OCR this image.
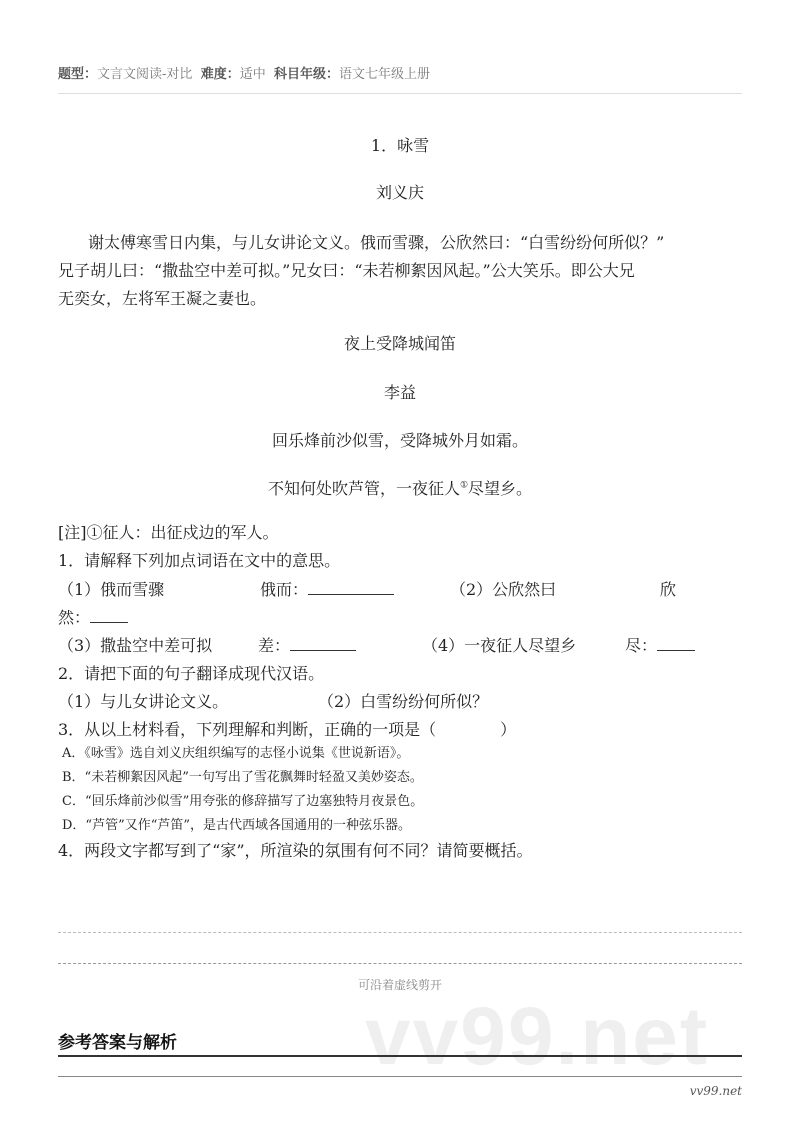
题型：文言文阅读-对比 难度：适中 科目年级：语文七年级上册
1．咏雪
刘义庆
谢太傅寒雪日内集，与儿女讲论文义。俄而雪骤，公欣然曰：“白雪纷纷何所似？”
兄子胡儿曰：“撒盐空中差可拟。”兄女曰：“未若柳絮因风起。”公大笑乐。即公大兄
无奕女，左将军王凝之妻也。
夜上受降城闻笛
李益
回乐烽前沙似雪，受降城外月如霜。
不知何处吹芦管，一夜征人①尽望乡。
[注]①征人：出征戍边的军人。
1．请解释下列加点词语在文中的意思。
（1）俄而雪骤	俄而：	（2）公欣然曰	欣
然：
（3）撒盐空中差可拟	差：	（4）一夜征人尽望乡	尽：
2．请把下面的句子翻译成现代汉语。
（1）与儿女讲论文义。	（2）白雪纷纷何所似？
3．从以上材料看，下列理解和判断，正确的一项是（　　　　）
A．《咏雪》选自刘义庆组织编写的志怪小说集《世说新语》。
B．“未若柳絮因风起”一句写出了雪花飘舞时轻盈又美妙姿态。
C．“回乐烽前沙似雪”用夸张的修辞描写了边塞独特月夜景色。
D．“芦管”又作“芦笛”，是古代西域各国通用的一种弦乐器。
4．两段文字都写到了“家”，所渲染的氛围有何不同？请简要概括。
可沿着虚线剪开
vv99.net
参考答案与解析
vv99.net
